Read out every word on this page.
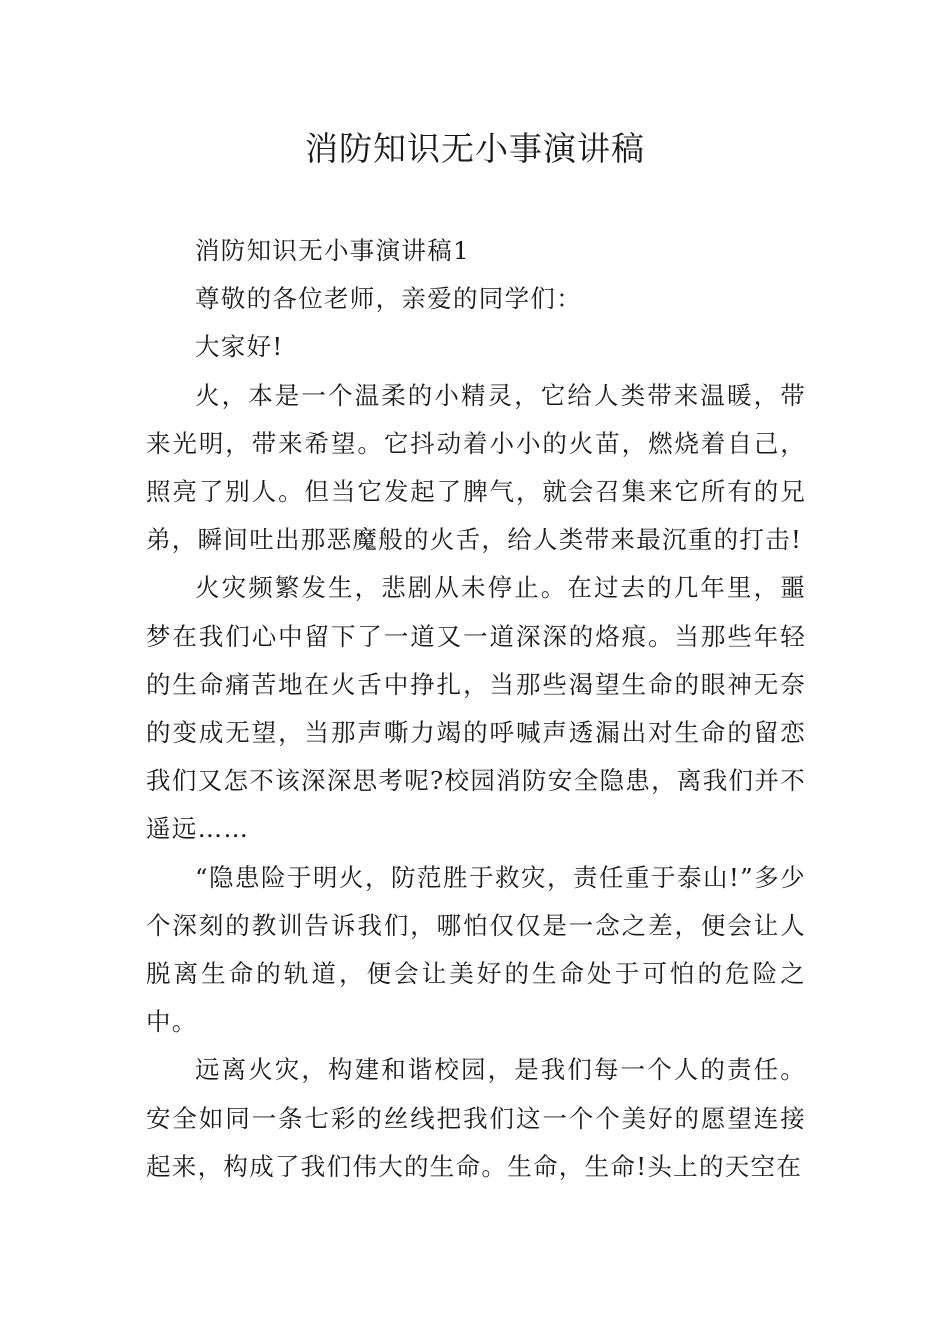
消防知识无小事演讲稿

消防知识无小事演讲稿1

尊敬的各位老师，亲爱的同学们：

大家好!

火，本是一个温柔的小精灵，它给人类带来温暖，带来光明，带来希望。它抖动着小小的火苗，燃烧着自己，照亮了别人。但当它发起了脾气，就会召集来它所有的兄弟，瞬间吐出那恶魔般的火舌，给人类带来最沉重的打击!

火灾频繁发生，悲剧从未停止。在过去的几年里，噩梦在我们心中留下了一道又一道深深的烙痕。当那些年轻的生命痛苦地在火舌中挣扎，当那些渴望生命的眼神无奈的变成无望，当那声嘶力竭的呼喊声透漏出对生命的留恋我们又怎不该深深思考呢?校园消防安全隐患，离我们并不遥远……

“隐患险于明火，防范胜于救灾，责任重于泰山!”多少个深刻的教训告诉我们，哪怕仅仅是一念之差，便会让人脱离生命的轨道，便会让美好的生命处于可怕的危险之中。

远离火灾，构建和谐校园，是我们每一个人的责任。安全如同一条七彩的丝线把我们这一个个美好的愿望连接起来，构成了我们伟大的生命。生命，生命!头上的天空在
